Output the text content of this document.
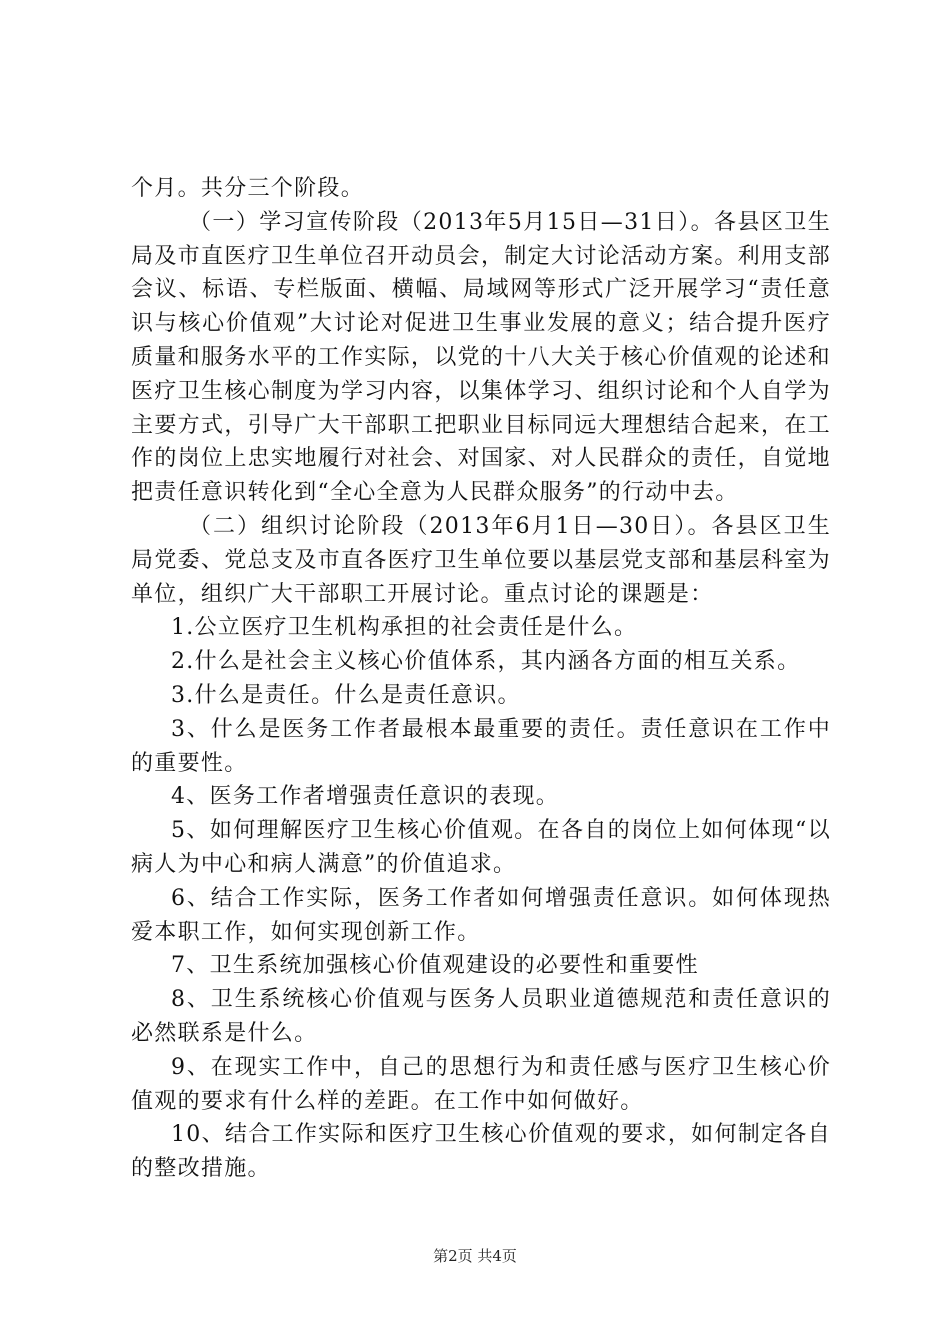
个月。共分三个阶段。

（一）学习宣传阶段（2013年5月15日—31日）。各县区卫生局及市直医疗卫生单位召开动员会，制定大讨论活动方案。利用支部会议、标语、专栏版面、横幅、局域网等形式广泛开展学习“责任意识与核心价值观”大讨论对促进卫生事业发展的意义；结合提升医疗质量和服务水平的工作实际，以党的十八大关于核心价值观的论述和医疗卫生核心制度为学习内容，以集体学习、组织讨论和个人自学为主要方式，引导广大干部职工把职业目标同远大理想结合起来，在工作的岗位上忠实地履行对社会、对国家、对人民群众的责任，自觉地把责任意识转化到“全心全意为人民群众服务”的行动中去。

（二）组织讨论阶段（2013年6月1日—30日）。各县区卫生局党委、党总支及市直各医疗卫生单位要以基层党支部和基层科室为单位，组织广大干部职工开展讨论。重点讨论的课题是：

1.公立医疗卫生机构承担的社会责任是什么。

2.什么是社会主义核心价值体系，其内涵各方面的相互关系。

3.什么是责任。什么是责任意识。

3、什么是医务工作者最根本最重要的责任。责任意识在工作中的重要性。

4、医务工作者增强责任意识的表现。

5、如何理解医疗卫生核心价值观。在各自的岗位上如何体现“以病人为中心和病人满意”的价值追求。

6、结合工作实际，医务工作者如何增强责任意识。如何体现热爱本职工作，如何实现创新工作。

7、卫生系统加强核心价值观建设的必要性和重要性

8、卫生系统核心价值观与医务人员职业道德规范和责任意识的必然联系是什么。

9、在现实工作中，自己的思想行为和责任感与医疗卫生核心价值观的要求有什么样的差距。在工作中如何做好。

10、结合工作实际和医疗卫生核心价值观的要求，如何制定各自的整改措施。

第2页 共4页
